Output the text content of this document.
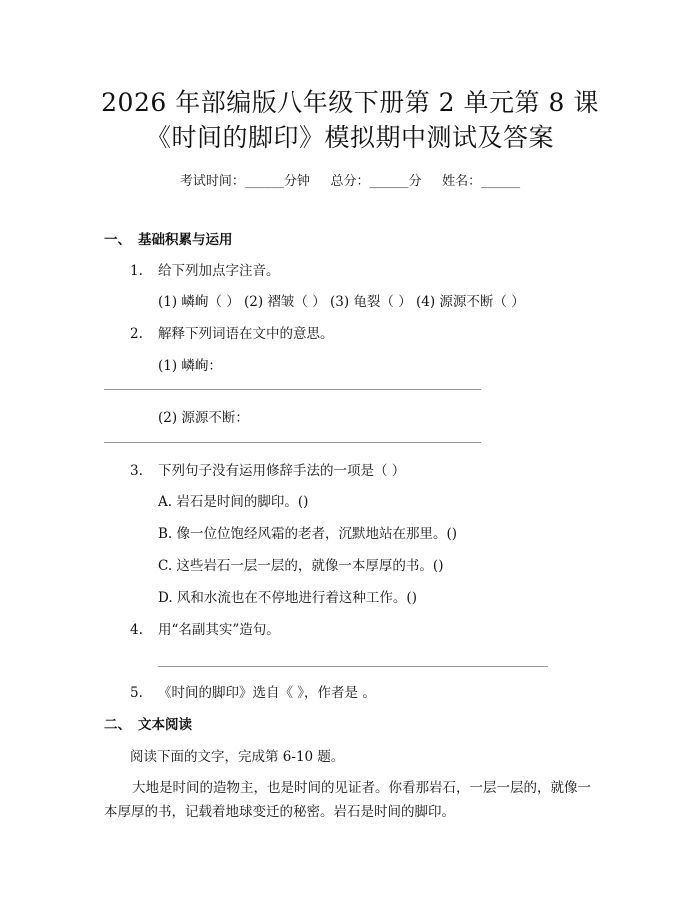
2026 年部编版八年级下册第 2 单元第 8 课
《时间的脚印》模拟期中测试及答案
考试时间：______分钟     总分：______分     姓名：______
一、 基础积累与运用
1. 给下列加点字注音。
(1) 嶙峋（ ） (2) 褶皱（ ） (3) 龟裂（ ） (4) 源源不断（ ）
2. 解释下列词语在文中的意思。
(1) 嶙峋：
(2) 源源不断：
3. 下列句子没有运用修辞手法的一项是（ ）
A. 岩石是时间的脚印。()
B. 像一位位饱经风霜的老者，沉默地站在那里。()
C. 这些岩石一层一层的，就像一本厚厚的书。()
D. 风和水流也在不停地进行着这种工作。()
4. 用“名副其实”造句。
5. 《时间的脚印》选自《 》，作者是 。
二、 文本阅读
阅读下面的文字，完成第 6-10 题。
大地是时间的造物主，也是时间的见证者。你看那岩石，一层一层的，就像一本厚厚的书，记载着地球变迁的秘密。岩石是时间的脚印。
